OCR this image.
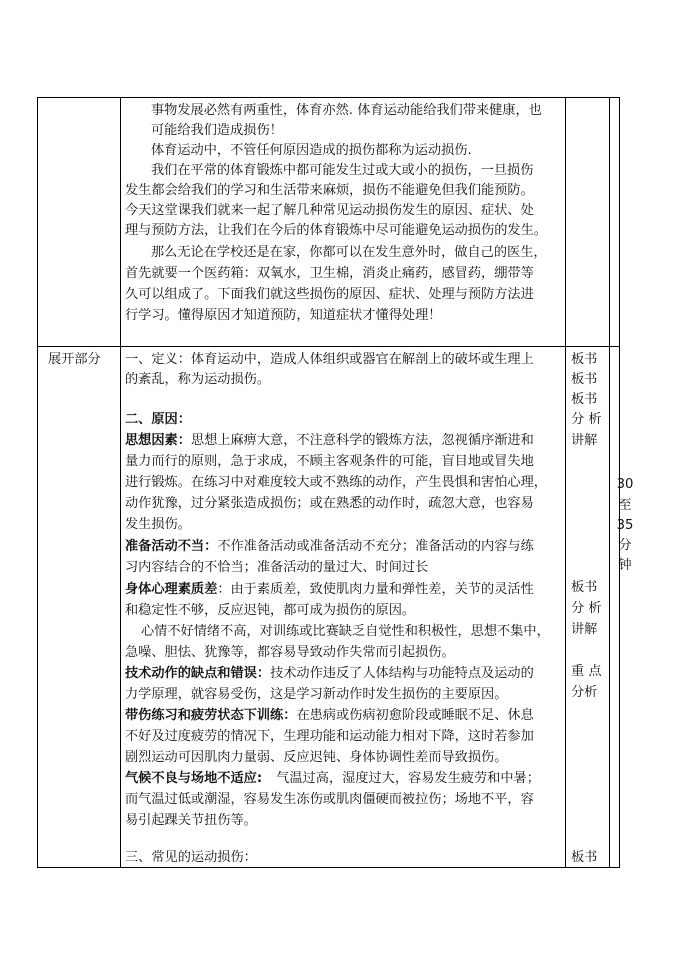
事物发展必然有两重性，体育亦然. 体育运动能给我们带来健康，也
可能给我们造成损伤！
体育运动中，不管任何原因造成的损伤都称为运动损伤.
我们在平常的体育锻炼中都可能发生过或大或小的损伤，一旦损伤
发生都会给我们的学习和生活带来麻烦，损伤不能避免但我们能预防。
今天这堂课我们就来一起了解几种常见运动损伤发生的原因、症状、处
理与预防方法，让我们在今后的体育锻炼中尽可能避免运动损伤的发生。
那么无论在学校还是在家，你都可以在发生意外时，做自己的医生，
首先就要一个医药箱：双氧水，卫生棉，消炎止痛药，感冒药，绷带等
久可以组成了。下面我们就这些损伤的原因、症状、处理与预防方法进
行学习。懂得原因才知道预防，知道症状才懂得处理！
展开部分 一、定义：体育运动中，造成人体组织或器官在解剖上的破坏或生理上
的紊乱，称为运动损伤。
二、原因：
思想因素：思想上麻痹大意，不注意科学的锻炼方法，忽视循序渐进和
量力而行的原则，急于求成，不顾主客观条件的可能，盲目地或冒失地
进行锻炼。在练习中对难度较大或不熟练的动作，产生畏惧和害怕心理，
动作犹豫，过分紧张造成损伤；或在熟悉的动作时，疏忽大意，也容易
发生损伤。
准备活动不当：不作准备活动或准备活动不充分；准备活动的内容与练
习内容结合的不恰当；准备活动的量过大、时间过长
身体心理素质差：由于素质差，致使肌肉力量和弹性差，关节的灵活性
和稳定性不够，反应迟钝，都可成为损伤的原因。
心情不好情绪不高，对训练或比赛缺乏自觉性和积极性，思想不集中，
急噪、胆怯、犹豫等，都容易导致动作失常而引起损伤。
技术动作的缺点和错误：技术动作违反了人体结构与功能特点及运动的
力学原理，就容易受伤，这是学习新动作时发生损伤的主要原因。
带伤练习和疲劳状态下训练：在患病或伤病初愈阶段或睡眠不足、休息
不好及过度疲劳的情况下，生理功能和运动能力相对下降，这时若参加
剧烈运动可因肌肉力量弱、反应迟钝、身体协调性差而导致损伤。
气候不良与场地不适应: 气温过高，湿度过大，容易发生疲劳和中暑；
而气温过低或潮湿，容易发生冻伤或肌肉僵硬而被拉伤；场地不平，容
易引起踝关节扭伤等。
三、常见的运动损伤：
板书
板书
板书
分 析
讲解
板书
分 析
讲解
重 点
分析
板书
30
至
35
分
钟
